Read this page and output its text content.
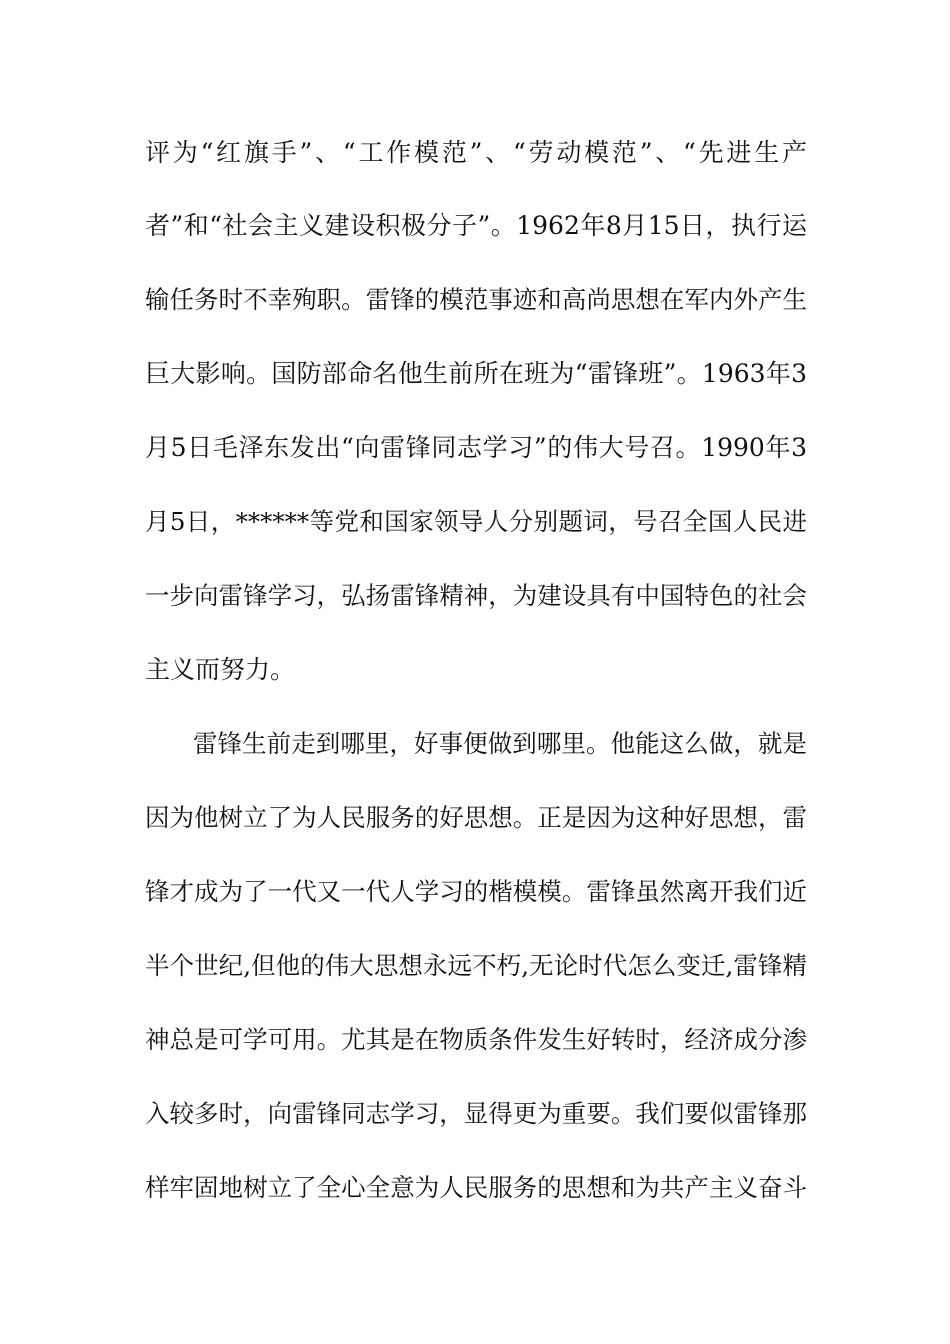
评为“红旗手”、“工作模范”、“劳动模范”、“先进生产
者”和“社会主义建设积极分子”。1962年8月15日，执行运
输任务时不幸殉职。雷锋的模范事迹和高尚思想在军内外产生
巨大影响。国防部命名他生前所在班为“雷锋班”。1963年3
月5日毛泽东发出“向雷锋同志学习”的伟大号召。1990年3
月5日，******等党和国家领导人分别题词，号召全国人民进
一步向雷锋学习，弘扬雷锋精神，为建设具有中国特色的社会
主义而努力。
雷锋生前走到哪里，好事便做到哪里。他能这么做，就是
因为他树立了为人民服务的好思想。正是因为这种好思想，雷
锋才成为了一代又一代人学习的楷模模。雷锋虽然离开我们近
半个世纪,但他的伟大思想永远不朽,无论时代怎么变迁,雷锋精
神总是可学可用。尤其是在物质条件发生好转时，经济成分渗
入较多时，向雷锋同志学习，显得更为重要。我们要似雷锋那
样牢固地树立了全心全意为人民服务的思想和为共产主义奋斗
